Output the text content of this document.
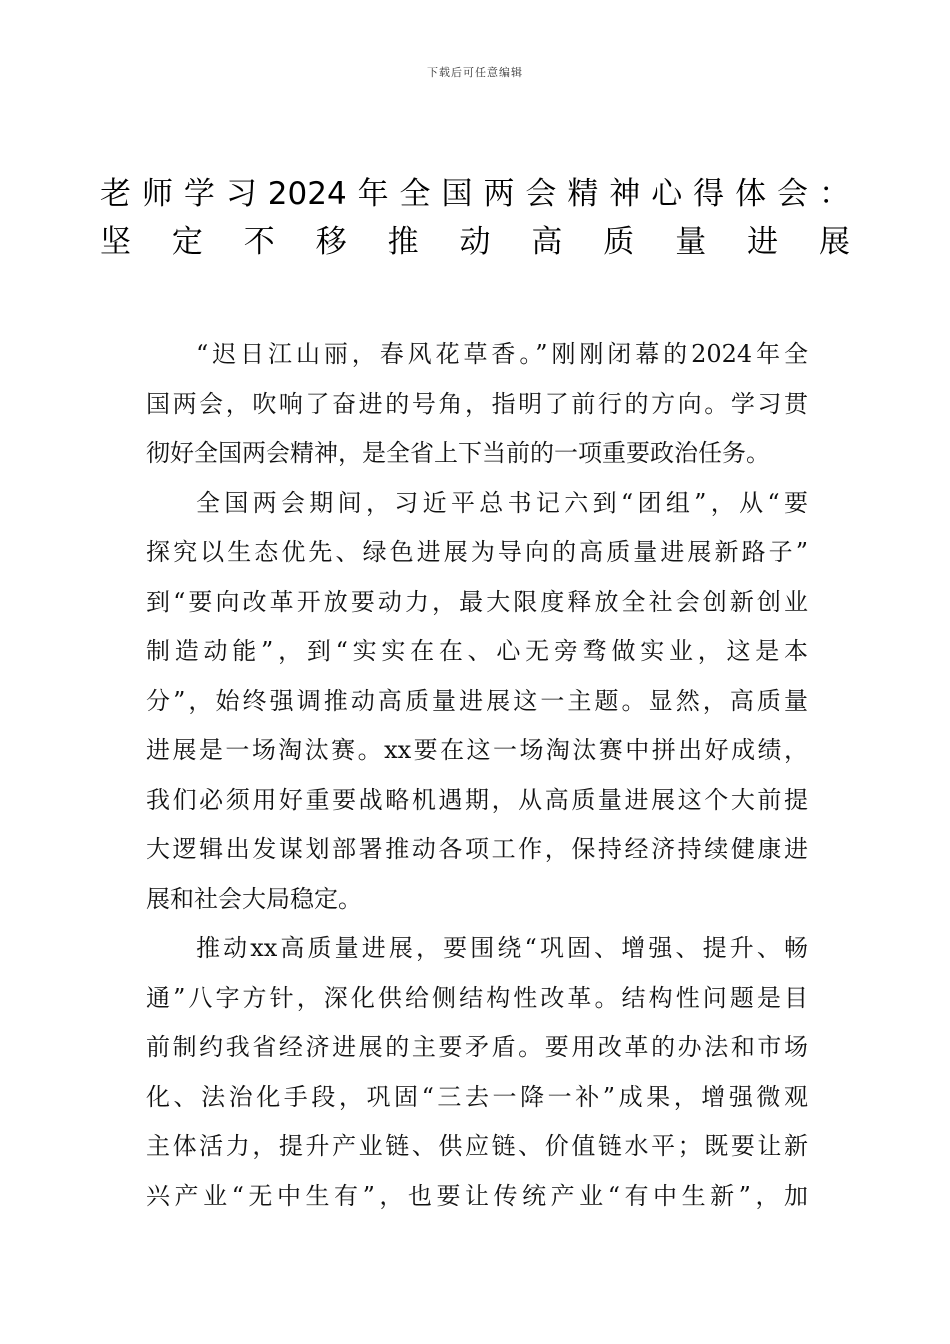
下载后可任意编辑
老师学习2024年全国两会精神心得体会：
坚定不移推动高质量进展

“迟日江山丽，春风花草香。”刚刚闭幕的2024年全
国两会，吹响了奋进的号角，指明了前行的方向。学习贯
彻好全国两会精神，是全省上下当前的一项重要政治任务。

全国两会期间，习近平总书记六到“团组”，从“要
探究以生态优先、绿色进展为导向的高质量进展新路子”
到“要向改革开放要动力，最大限度释放全社会创新创业
制造动能”，到“实实在在、心无旁骛做实业，这是本
分”，始终强调推动高质量进展这一主题。显然，高质量
进展是一场淘汰赛。xx要在这一场淘汰赛中拼出好成绩，
我们必须用好重要战略机遇期，从高质量进展这个大前提
大逻辑出发谋划部署推动各项工作，保持经济持续健康进
展和社会大局稳定。

推动xx高质量进展，要围绕“巩固、增强、提升、畅
通”八字方针，深化供给侧结构性改革。结构性问题是目
前制约我省经济进展的主要矛盾。要用改革的办法和市场
化、法治化手段，巩固“三去一降一补”成果，增强微观
主体活力，提升产业链、供应链、价值链水平；既要让新
兴产业“无中生有”，也要让传统产业“有中生新”，加
